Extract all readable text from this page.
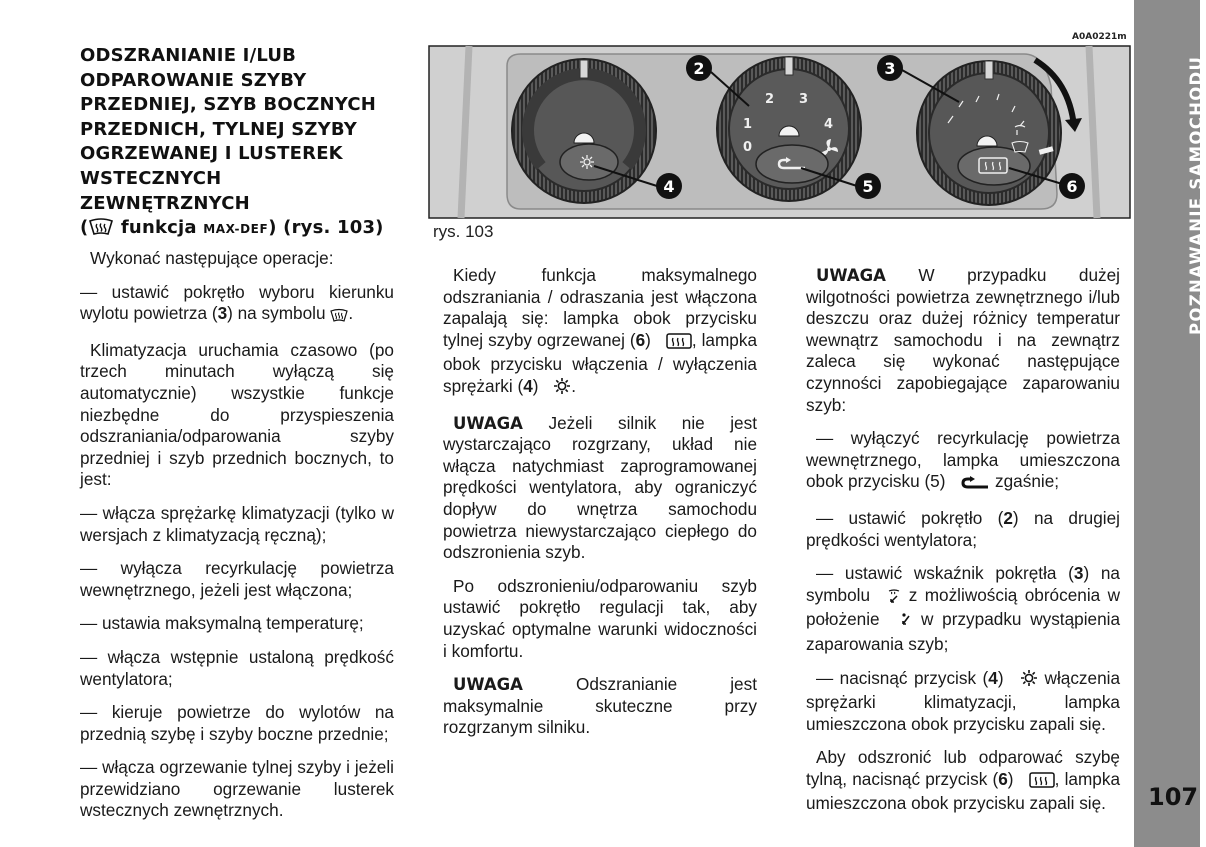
ODSZRANIANIE I/LUB
ODPAROWANIE SZYBY
PRZEDNIEJ, SZYB BOCZNYCH
PRZEDNICH, TYLNEJ SZYBY
OGRZEWANEJ I LUSTEREK
WSTECZNYCH
ZEWNĘTRZNYCH
( funkcja MAX-DEF) (rys. 103)

Wykonać następujące operacje:

— ustawić pokrętło wyboru kierunku wylotu powietrza (3) na symbolu .

Klimatyzacja uruchamia czasowo (po trzech minutach wyłączą się automatycznie) wszystkie funkcje niezbędne do przyspieszenia odszraniania/odparowania szyby przedniej i szyb przednich bocznych, to jest:

— włącza sprężarkę klimatyzacji (tylko w wersjach z klimatyzacją ręczną);

— wyłącza recyrkulację powietrza wewnętrznego, jeżeli jest włączona;

— ustawia maksymalną temperaturę;

— włącza wstępnie ustaloną prędkość wentylatora;

— kieruje powietrze do wylotów na przednią szybę i szyby boczne przednie;

— włącza ogrzewanie tylnej szyby i jeżeli przewidziano ogrzewanie lusterek wstecznych zewnętrznych.

Kiedy funkcja maksymalnego odszraniania / odraszania jest włączona zapalają się: lampka obok przycisku tylnej szyby ogrzewanej (6) , lampka obok przycisku włączenia / wyłączenia sprężarki (4) .

UWAGA Jeżeli silnik nie jest wystarczająco rozgrzany, układ nie włącza natychmiast zaprogramowanej prędkości wentylatora, aby ograniczyć dopływ do wnętrza samochodu powietrza niewystarczająco ciepłego do odszronienia szyb.

Po odszronieniu/odparowaniu szyb ustawić pokrętło regulacji tak, aby uzyskać optymalne warunki widoczności i komfortu.

UWAGA Odszranianie jest maksymalnie skuteczne przy rozgrzanym silniku.

UWAGA W przypadku dużej wilgotności powietrza zewnętrznego i/lub deszczu oraz dużej różnicy temperatur wewnątrz samochodu i na zewnątrz zaleca się wykonać następujące czynności zapobiegające zaparowaniu szyb:

— wyłączyć recyrkulację powietrza wewnętrznego, lampka umieszczona obok przycisku (5)	zgaśnie;

— ustawić pokrętło (2) na drugiej prędkości wentylatora;

— ustawić wskaźnik pokrętła (3) na symbolu  z możliwością obrócenia w położenie  w przypadku wystąpienia zaparowania szyb;

— nacisnąć przycisk (4)  włączenia sprężarki klimatyzacji, lampka umieszczona obok przycisku zapali się.

Aby odszronić lub odparować szybę tylną, nacisnąć przycisk (6) , lampka umieszczona obok przycisku zapali się.

A0A0221m
0
1
2 3
4
2	3
4	5	6
rys. 103	POZNAWANIE SAMOCHODU
107
